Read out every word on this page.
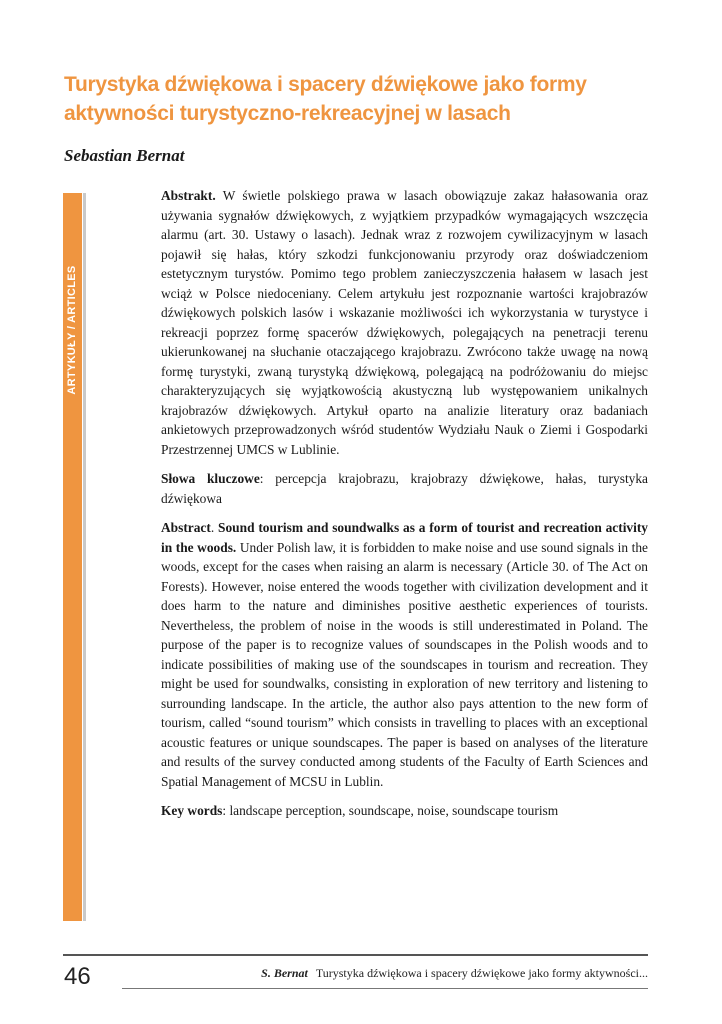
Turystyka dźwiękowa i spacery dźwiękowe jako formy aktywności turystyczno-rekreacyjnej w lasach

Sebastian Bernat

ARTYKUŁY / ARTICLES

Abstrakt. W świetle polskiego prawa w lasach obowiązuje zakaz hałasowania oraz używania sygnałów dźwiękowych, z wyjątkiem przypadków wymagających wszczęcia alarmu (art. 30. Ustawy o lasach). Jednak wraz z rozwojem cywilizacyjnym w lasach pojawił się hałas, który szkodzi funkcjonowaniu przyrody oraz doświadczeniom estetycznym turystów. Pomimo tego problem zanieczyszczenia hałasem w lasach jest wciąż w Polsce niedoceniany. Celem artykułu jest rozpoznanie wartości krajobrazów dźwiękowych polskich lasów i wskazanie możliwości ich wykorzystania w turystyce i rekreacji poprzez formę spacerów dźwiękowych, polegających na penetracji terenu ukierunkowanej na słuchanie otaczającego krajobrazu. Zwrócono także uwagę na nową formę turystyki, zwaną turystyką dźwiękową, polegającą na podróżowaniu do miejsc charakteryzujących się wyjątkowością akustyczną lub występowaniem unikalnych krajobrazów dźwiękowych. Artykuł oparto na analizie literatury oraz badaniach ankietowych przeprowadzonych wśród studentów Wydziału Nauk o Ziemi i Gospodarki Przestrzennej UMCS w Lublinie.

Słowa kluczowe: percepcja krajobrazu, krajobrazy dźwiękowe, hałas, turystyka dźwiękowa

Abstract. Sound tourism and soundwalks as a form of tourist and recreation activity in the woods. Under Polish law, it is forbidden to make noise and use sound signals in the woods, except for the cases when raising an alarm is necessary (Article 30. of The Act on Forests). However, noise entered the woods together with civilization development and it does harm to the nature and diminishes positive aesthetic experiences of tourists. Nevertheless, the problem of noise in the woods is still underestimated in Poland. The purpose of the paper is to recognize values of soundscapes in the Polish woods and to indicate possibilities of making use of the soundscapes in tourism and recreation. They might be used for soundwalks, consisting in exploration of new territory and listening to surrounding landscape. In the article, the author also pays attention to the new form of tourism, called “sound tourism” which consists in travelling to places with an exceptional acoustic features or unique soundscapes. The paper is based on analyses of the literature and results of the survey conducted among students of the Faculty of Earth Sciences and Spatial Management of MCSU in Lublin.

Key words: landscape perception, soundscape, noise, soundscape tourism

46	S. Bernat Turystyka dźwiękowa i spacery dźwiękowe jako formy aktywności...
